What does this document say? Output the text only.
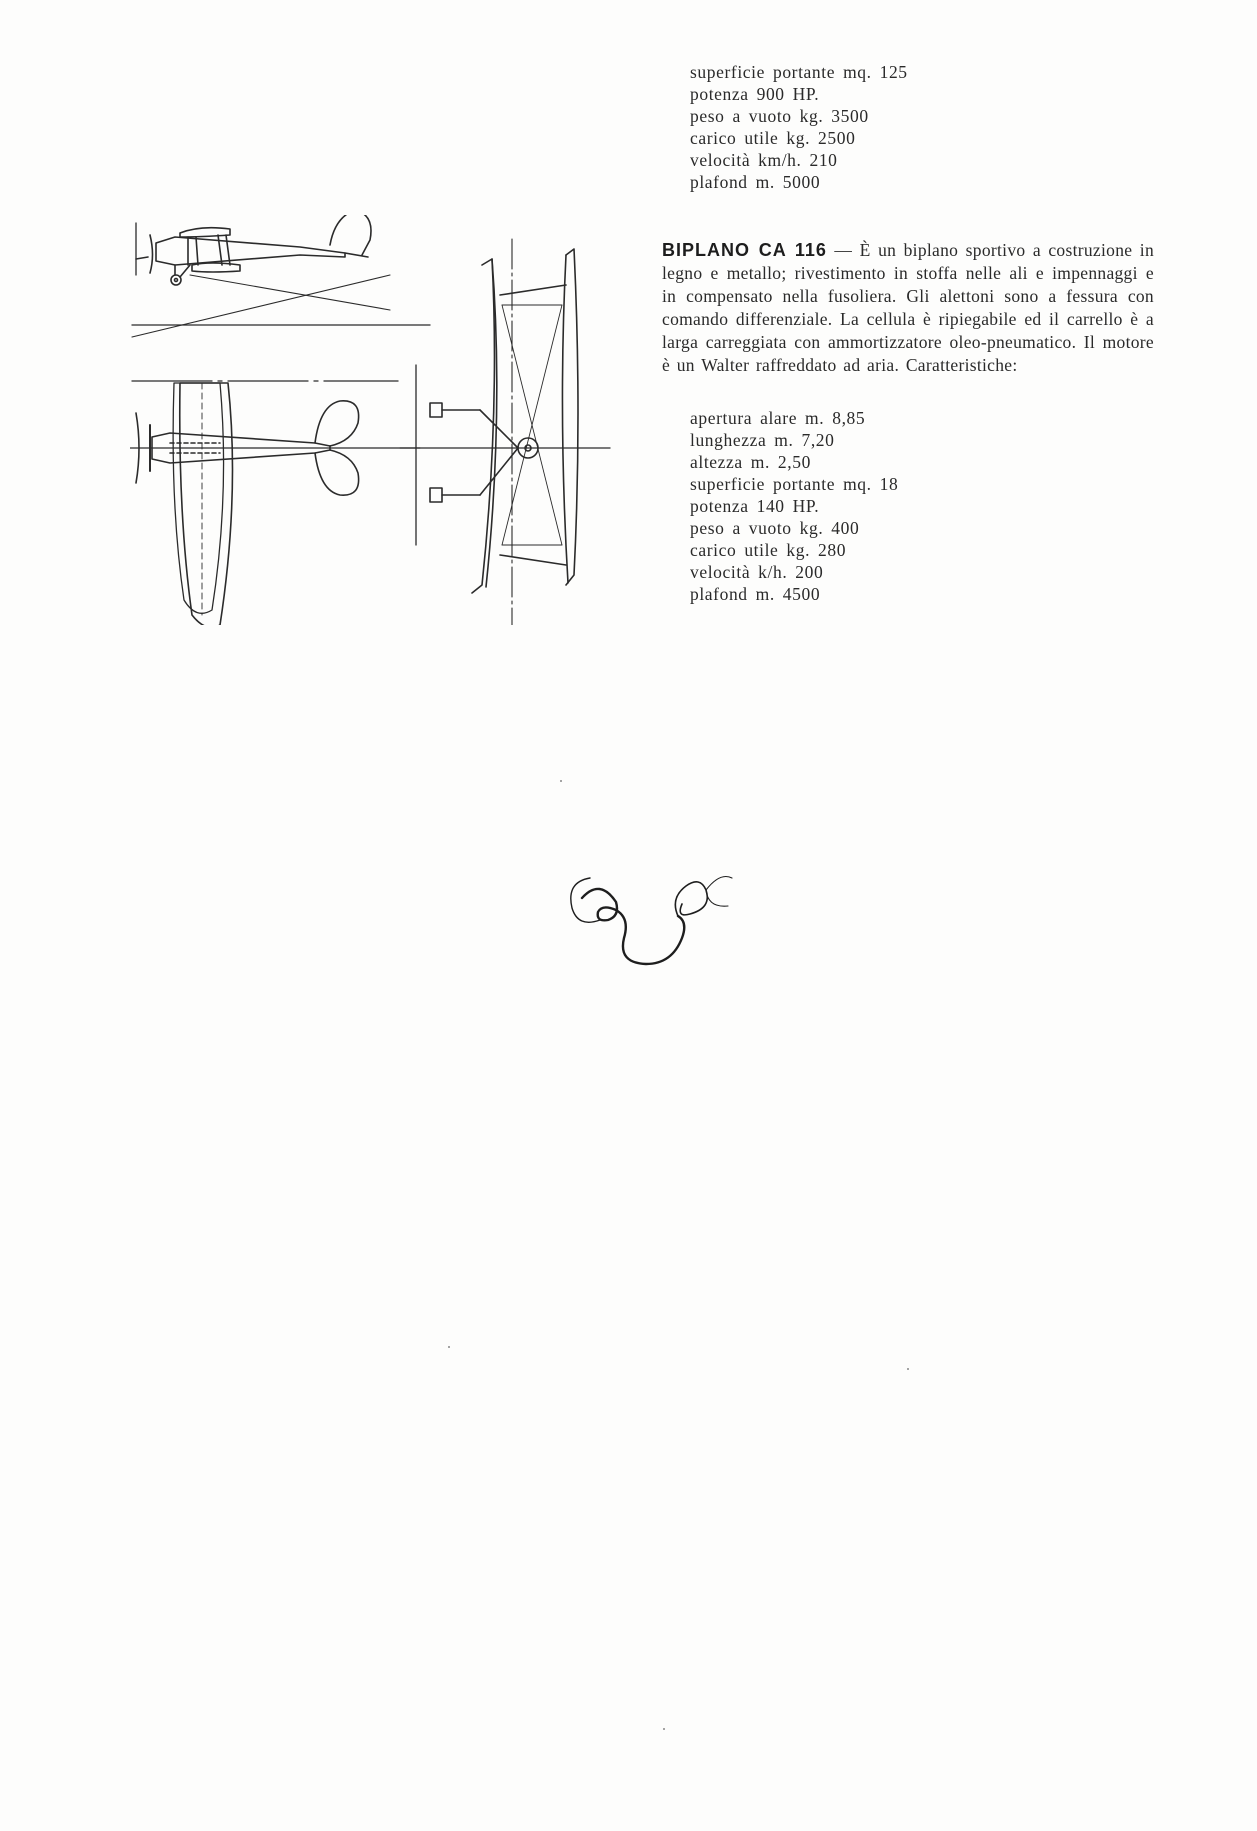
superficie portante mq. 125
potenza 900 HP.
peso a vuoto kg. 3500
carico utile kg. 2500
velocità km/h. 210
plafond m. 5000

BIPLANO CA 116 — È un biplano sportivo a costruzione in legno e metallo; rivestimento in stoffa nelle ali e impennaggi e in compensato nella fusoliera. Gli alettoni sono a fessura con comando differenziale. La cellula è ripiegabile ed il carrello è a larga carreggiata con ammortizzatore oleo-pneumatico. Il motore è un Walter raffreddato ad aria. Caratteristiche:

apertura alare m. 8,85
lunghezza m. 7,20
altezza m. 2,50
superficie portante mq. 18
potenza 140 HP.
peso a vuoto kg. 400
carico utile kg. 280
velocità k/h. 200
plafond m. 4500
